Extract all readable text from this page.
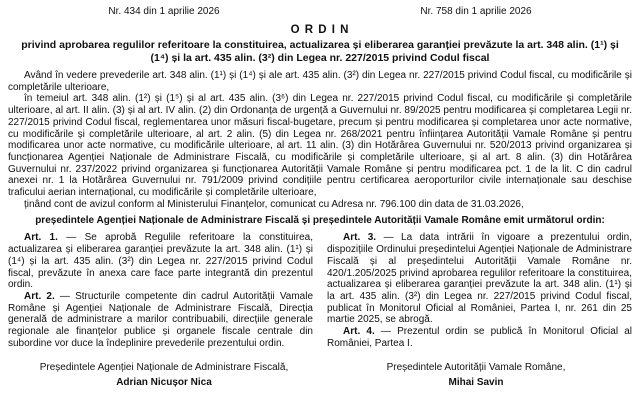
Nr. 434 din 1 aprilie 2026	Nr. 758 din 1 aprilie 2026
O R D I N
privind aprobarea regulilor referitoare la constituirea, actualizarea și eliberarea garanției prevăzute la art. 348 alin. (1¹) și (1⁴) și la art. 435 alin. (3²) din Legea nr. 227/2015 privind Codul fiscal

Având în vedere prevederile art. 348 alin. (1¹) și (1⁴) și ale art. 435 alin. (3²) din Legea nr. 227/2015 privind Codul fiscal, cu modificările și completările ulterioare,

în temeiul art. 348 alin. (1²) și (1⁵) și al art. 435 alin. (3⁶) din Legea nr. 227/2015 privind Codul fiscal, cu modificările și completările ulterioare, al art. II alin. (3) și al art. IV alin. (2) din Ordonanța de urgență a Guvernului nr. 89/2025 pentru modificarea și completarea Legii nr. 227/2015 privind Codul fiscal, reglementarea unor măsuri fiscal-bugetare, precum și pentru modificarea și completarea unor acte normative, cu modificările și completările ulterioare, al art. 2 alin. (5) din Legea nr. 268/2021 pentru înființarea Autorității Vamale Române și pentru modificarea unor acte normative, cu modificările ulterioare, al art. 11 alin. (3) din Hotărârea Guvernului nr. 520/2013 privind organizarea și funcționarea Agenției Naționale de Administrare Fiscală, cu modificările și completările ulterioare, și al art. 8 alin. (3) din Hotărârea Guvernului nr. 237/2022 privind organizarea și funcționarea Autorității Vamale Române și pentru modificarea pct. 1 de la lit. C din cadrul anexei nr. 1 la Hotărârea Guvernului nr. 791/2009 privind condițiile pentru certificarea aeroporturilor civile internaționale sau deschise traficului aerian internațional, cu modificările și completările ulterioare,

ținând cont de avizul conform al Ministerului Finanțelor, comunicat cu Adresa nr. 796.100 din data de 31.03.2026,

președintele Agenției Naționale de Administrare Fiscală și președintele Autorității Vamale Române emit următorul ordin:

Art. 1. — Se aprobă Regulile referitoare la constituirea, actualizarea și eliberarea garanției prevăzute la art. 348 alin. (1¹) și (1⁴) și la art. 435 alin. (3²) din Legea nr. 227/2015 privind Codul fiscal, prevăzute în anexa care face parte integrantă din prezentul ordin.

Art. 2. — Structurile competente din cadrul Autorității Vamale Române și Agenției Naționale de Administrare Fiscală, Direcția generală de administrare a marilor contribuabili, direcțiile generale regionale ale finanțelor publice și organele fiscale centrale din subordine vor duce la îndeplinire prevederile prezentului ordin.

Art. 3. — La data intrării în vigoare a prezentului ordin, dispozițiile Ordinului președintelui Agenției Naționale de Administrare Fiscală și al președintelui Autorității Vamale Române nr. 420/1.205/2025 privind aprobarea regulilor referitoare la constituirea, actualizarea și eliberarea garanției prevăzute la art. 348 alin. (1¹) și la art. 435 alin. (3²) din Legea nr. 227/2015 privind Codul fiscal, publicat în Monitorul Oficial al României, Partea I, nr. 261 din 25 martie 2025, se abrogă.

Art. 4. — Prezentul ordin se publică în Monitorul Oficial al României, Partea I.

Președintele Agenției Naționale de Administrare Fiscală,
Adrian Nicușor Nica
Președintele Autorității Vamale Române,
Mihai Savin
